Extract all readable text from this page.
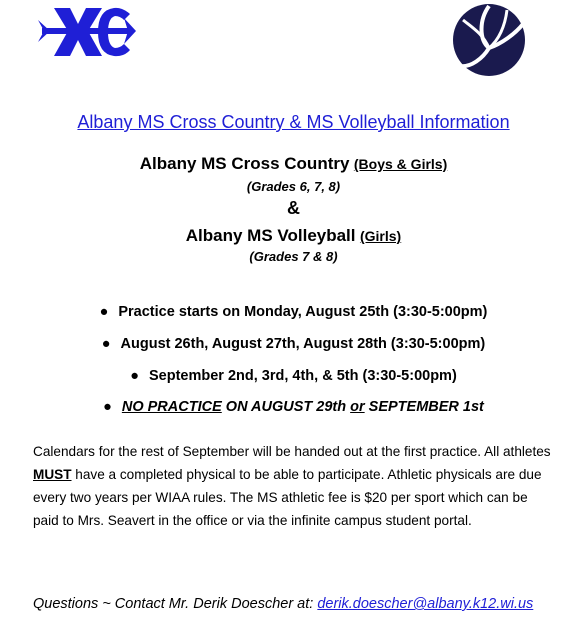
Albany MS Cross Country & MS Volleyball Information
Albany MS Cross Country (Boys & Girls)
(Grades 6, 7, 8)
&
Albany MS Volleyball (Girls)
(Grades 7 & 8)
● Practice starts on Monday, August 25th (3:30-5:00pm)
● August 26th, August 27th, August 28th (3:30-5:00pm)
● September 2nd, 3rd, 4th, & 5th (3:30-5:00pm)
● NO PRACTICE ON AUGUST 29th or SEPTEMBER 1st
Calendars for the rest of September will be handed out at the first practice. All athletes MUST have a completed physical to be able to participate. Athletic physicals are due every two years per WIAA rules. The MS athletic fee is $20 per sport which can be paid to Mrs. Seavert in the office or via the infinite campus student portal.
Questions ~ Contact Mr. Derik Doescher at: derik.doescher@albany.k12.wi.us
